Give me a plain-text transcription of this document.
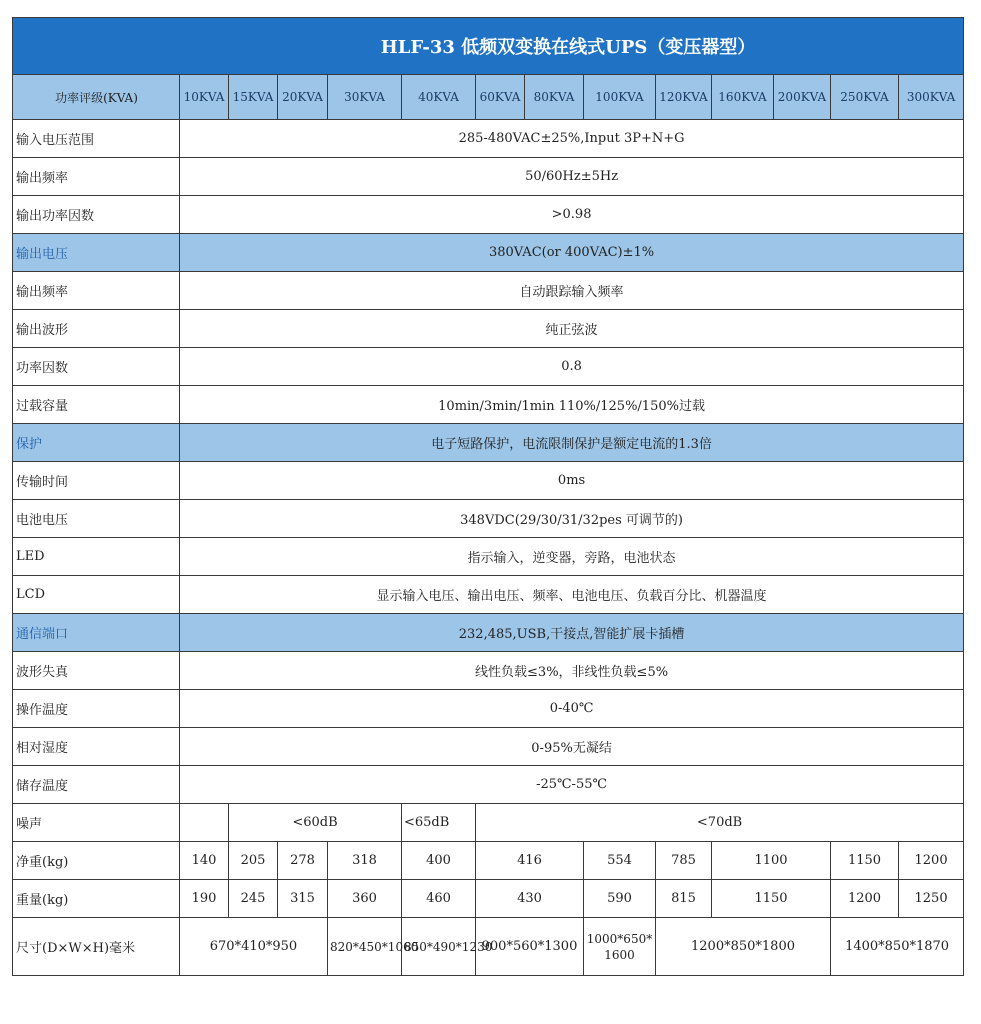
HLF-33 低频双变换在线式UPS（变压器型）													
功率评级(KVA)	10KVA	15KVA	20KVA	30KVA	40KVA	60KVA	80KVA	100KVA	120KVA	160KVA	200KVA	250KVA	300KVA
输入电压范围	285-480VAC±25%,Input 3P+N+G												
输出频率	50/60Hz±5Hz												
输出功率因数	>0.98												
输出电压	380VAC(or 400VAC)±1%												
输出频率	自动跟踪输入频率												
输出波形	纯正弦波												
功率因数	0.8												
过载容量	10min/3min/1min 110%/125%/150%过载												
保护	电子短路保护，电流限制保护是额定电流的1.3倍												
传输时间	0ms												
电池电压	348VDC(29/30/31/32pes 可调节的)												
LED	指示输入，逆变器，旁路，电池状态												
LCD	显示输入电压、输出电压、频率、电池电压、负载百分比、机器温度												
通信端口	232,485,USB,干接点,智能扩展卡插槽												
波形失真	线性负载≤3%，非线性负载≤5%												
操作温度	0-40℃												
相对湿度	0-95%无凝结												
储存温度	-25℃-55℃												
噪声		<60dB			<65dB	<70dB							
净重(kg)	140	205	278	318	400	416		554	785	1100		1150	1200
重量(kg)	190	245	315	360	460	430		590	815	1150		1200	1250
尺寸(D×W×H)毫米	670*410*950			820*450*1060	850*490*1230	900*560*1300		1000*650*1600	1200*850*1800			1400*850*1870	
